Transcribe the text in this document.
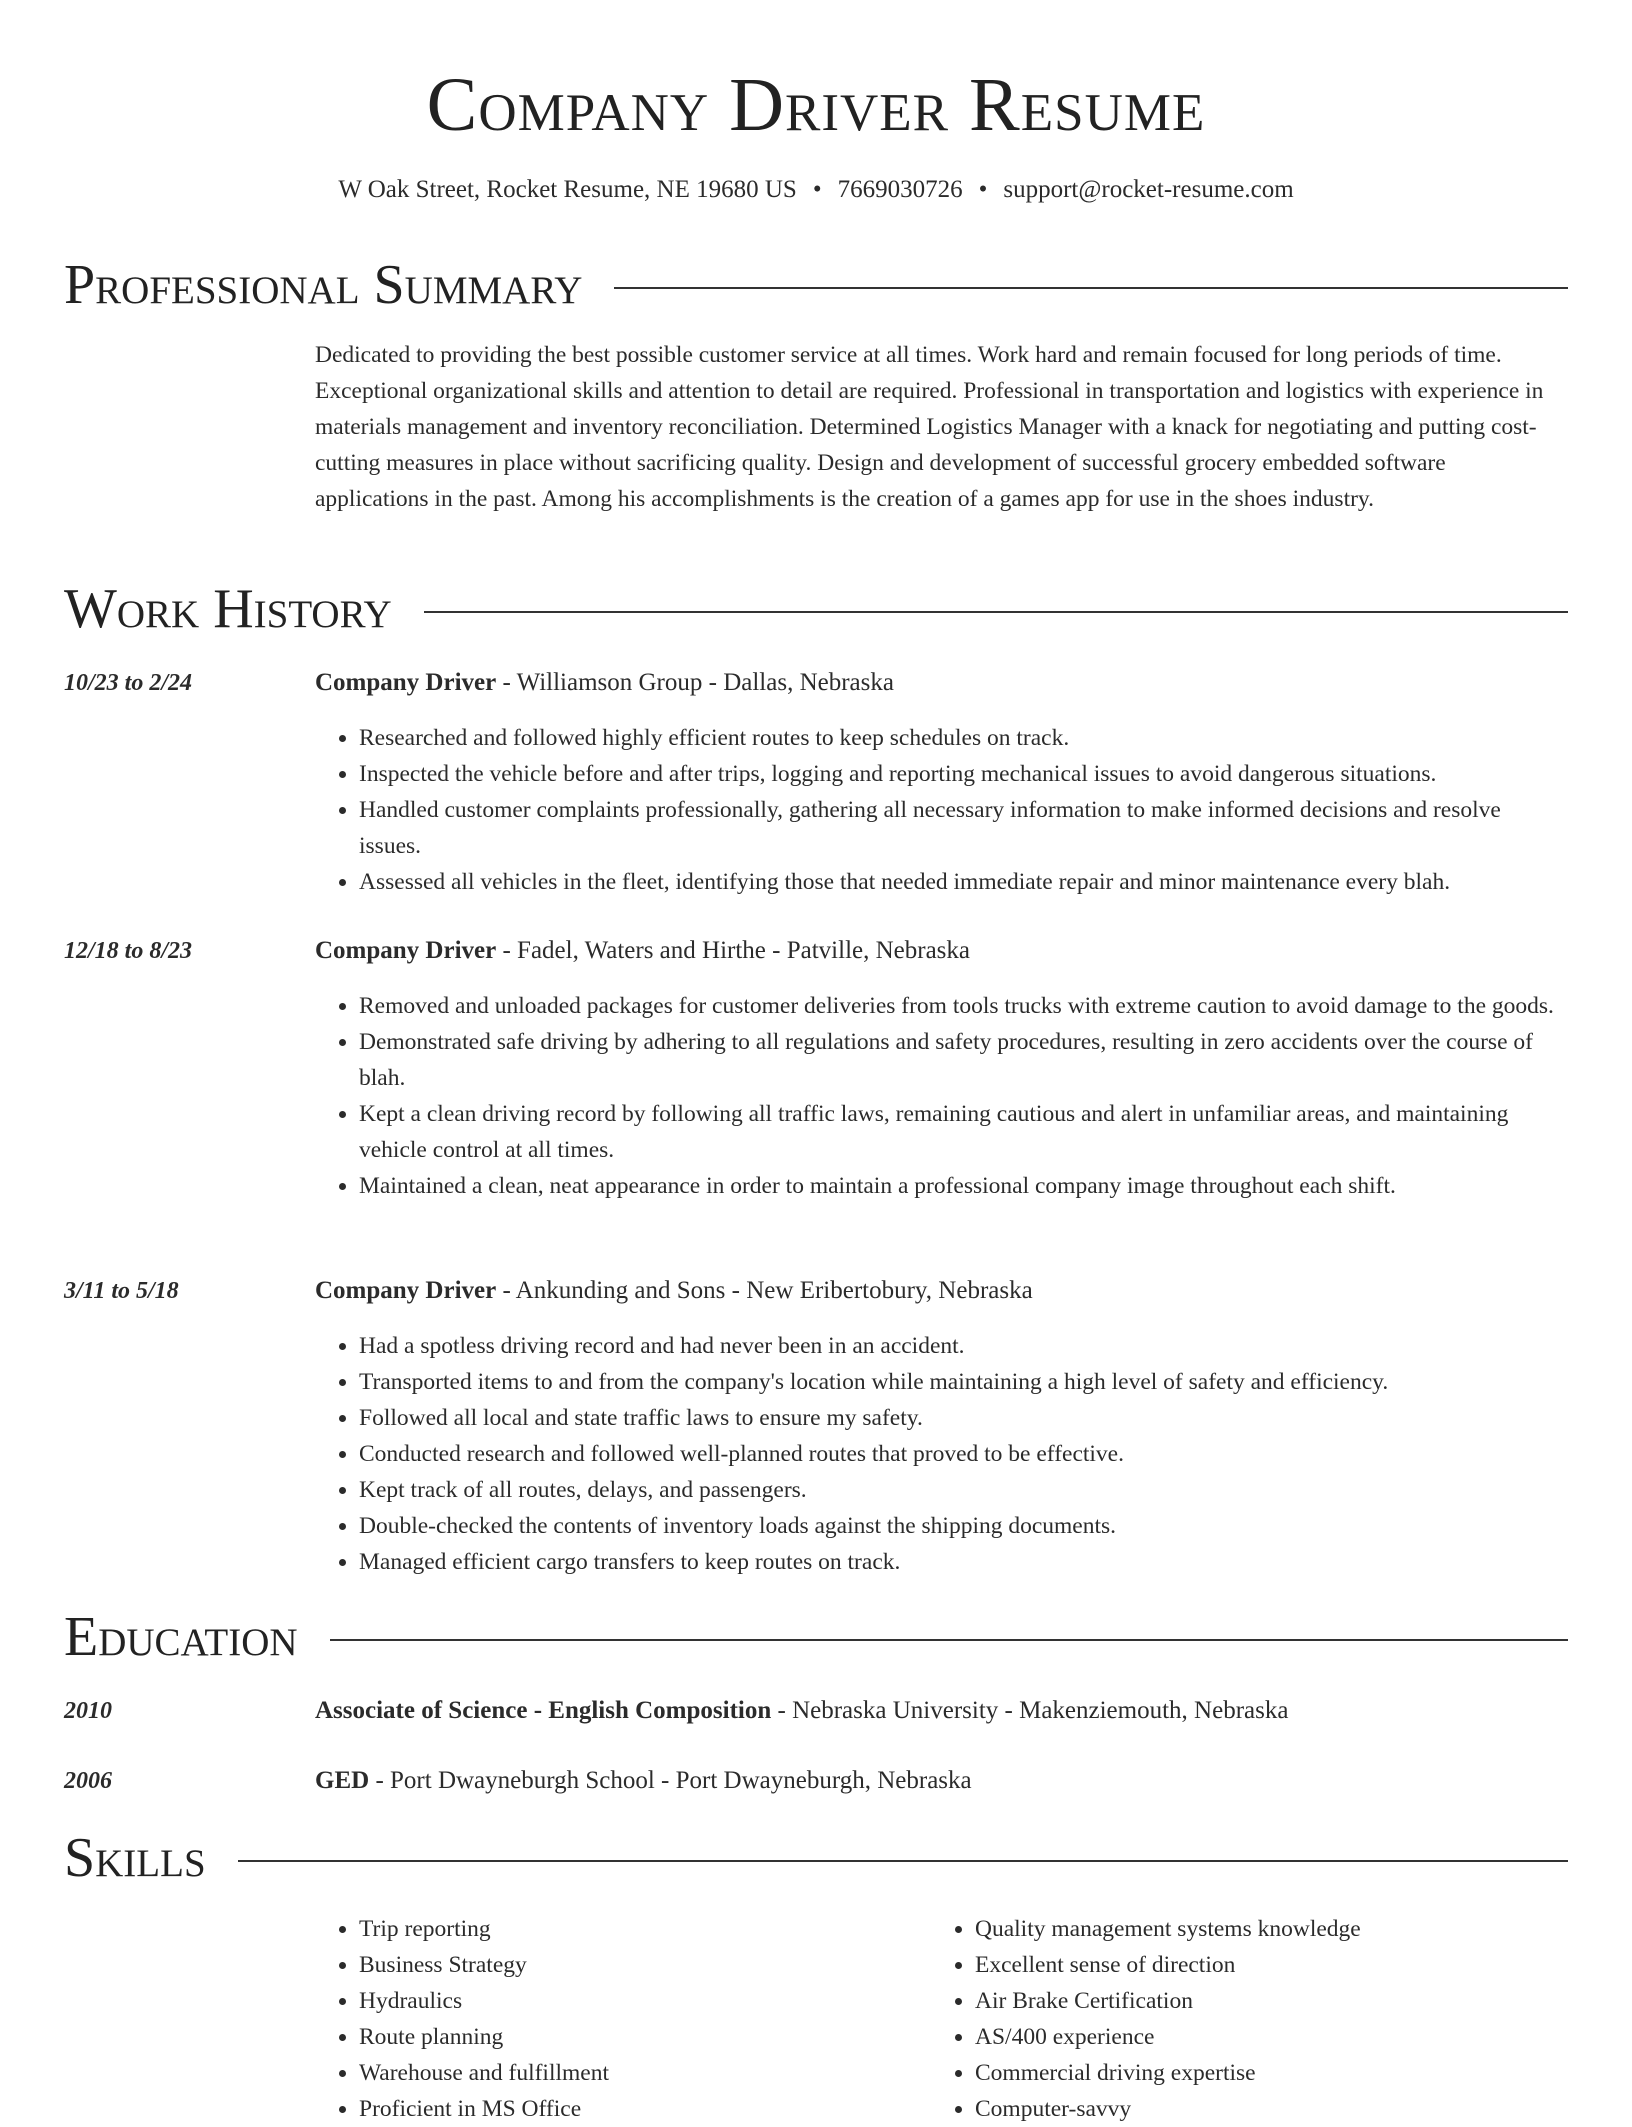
Company Driver Resume
W Oak Street, Rocket Resume, NE 19680 US • 7669030726 • support@rocket-resume.com
Professional Summary

Dedicated to providing the best possible customer service at all times. Work hard and remain focused for long periods of time. Exceptional organizational skills and attention to detail are required. Professional in transportation and logistics with experience in materials management and inventory reconciliation. Determined Logistics Manager with a knack for negotiating and putting cost-cutting measures in place without sacrificing quality. Design and development of successful grocery embedded software applications in the past. Among his accomplishments is the creation of a games app for use in the shoes industry.

Work History
10/23 to 2/24	Company Driver - Williamson Group - Dallas, Nebraska
• Researched and followed highly efficient routes to keep schedules on track.
• Inspected the vehicle before and after trips, logging and reporting mechanical issues to avoid dangerous situations.
• Handled customer complaints professionally, gathering all necessary information to make informed decisions and resolve issues.
• Assessed all vehicles in the fleet, identifying those that needed immediate repair and minor maintenance every blah.
12/18 to 8/23	Company Driver - Fadel, Waters and Hirthe - Patville, Nebraska
• Removed and unloaded packages for customer deliveries from tools trucks with extreme caution to avoid damage to the goods.
• Demonstrated safe driving by adhering to all regulations and safety procedures, resulting in zero accidents over the course of blah.
• Kept a clean driving record by following all traffic laws, remaining cautious and alert in unfamiliar areas, and maintaining vehicle control at all times.
• Maintained a clean, neat appearance in order to maintain a professional company image throughout each shift.
3/11 to 5/18	Company Driver - Ankunding and Sons - New Eribertobury, Nebraska
• Had a spotless driving record and had never been in an accident.
• Transported items to and from the company's location while maintaining a high level of safety and efficiency.
• Followed all local and state traffic laws to ensure my safety.
• Conducted research and followed well-planned routes that proved to be effective.
• Kept track of all routes, delays, and passengers.
• Double-checked the contents of inventory loads against the shipping documents.
• Managed efficient cargo transfers to keep routes on track.
Education
2010	Associate of Science - English Composition - Nebraska University - Makenziemouth, Nebraska
2006	GED - Port Dwayneburgh School - Port Dwayneburgh, Nebraska
Skills
• Trip reporting
• Business Strategy
• Hydraulics
• Route planning
• Warehouse and fulfillment
• Proficient in MS Office
• Quality management systems knowledge
• Excellent sense of direction
• Air Brake Certification
• AS/400 experience
• Commercial driving expertise
• Computer-savvy
